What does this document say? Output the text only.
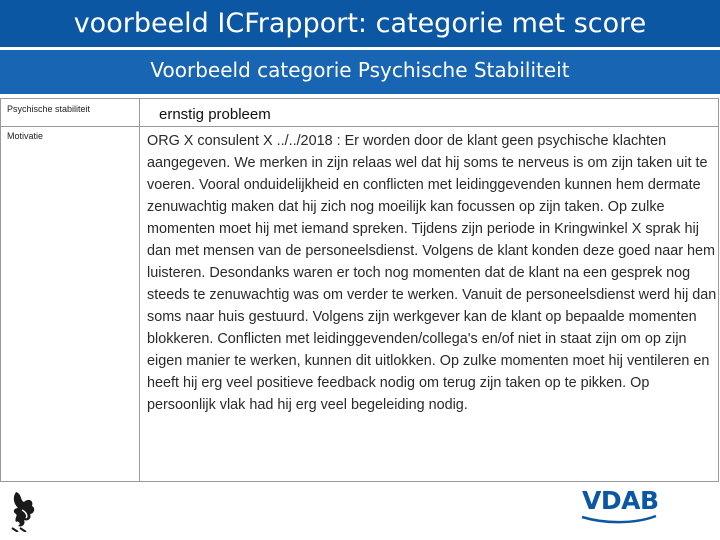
voorbeeld ICFrapport: categorie met score
Voorbeeld categorie Psychische Stabiliteit
Psychische stabiliteit	ernstig probleem
Motivatie	ORG X consulent X ../../2018 : Er worden door de klant geen psychische klachten aangegeven. We merken in zijn relaas wel dat hij soms te nerveus is om zijn taken uit te voeren. Vooral onduidelijkheid en conflicten met leidinggevenden kunnen hem dermate zenuwachtig maken dat hij zich nog moeilijk kan focussen op zijn taken. Op zulke momenten moet hij met iemand spreken. Tijdens zijn periode in Kringwinkel X sprak hij dan met mensen van de personeelsdienst. Volgens de klant konden deze goed naar hem luisteren. Desondanks waren er toch nog momenten dat de klant na een gesprek nog steeds te zenuwachtig was om verder te werken. Vanuit de personeelsdienst werd hij dan soms naar huis gestuurd. Volgens zijn werkgever kan de klant op bepaalde momenten blokkeren. Conflicten met leidinggevenden/collega's en/of niet in staat zijn om op zijn eigen manier te werken, kunnen dit uitlokken. Op zulke momenten moet hij ventileren en heeft hij erg veel positieve feedback nodig om terug zijn taken op te pikken. Op persoonlijk vlak had hij erg veel begeleiding nodig.
VDAB
